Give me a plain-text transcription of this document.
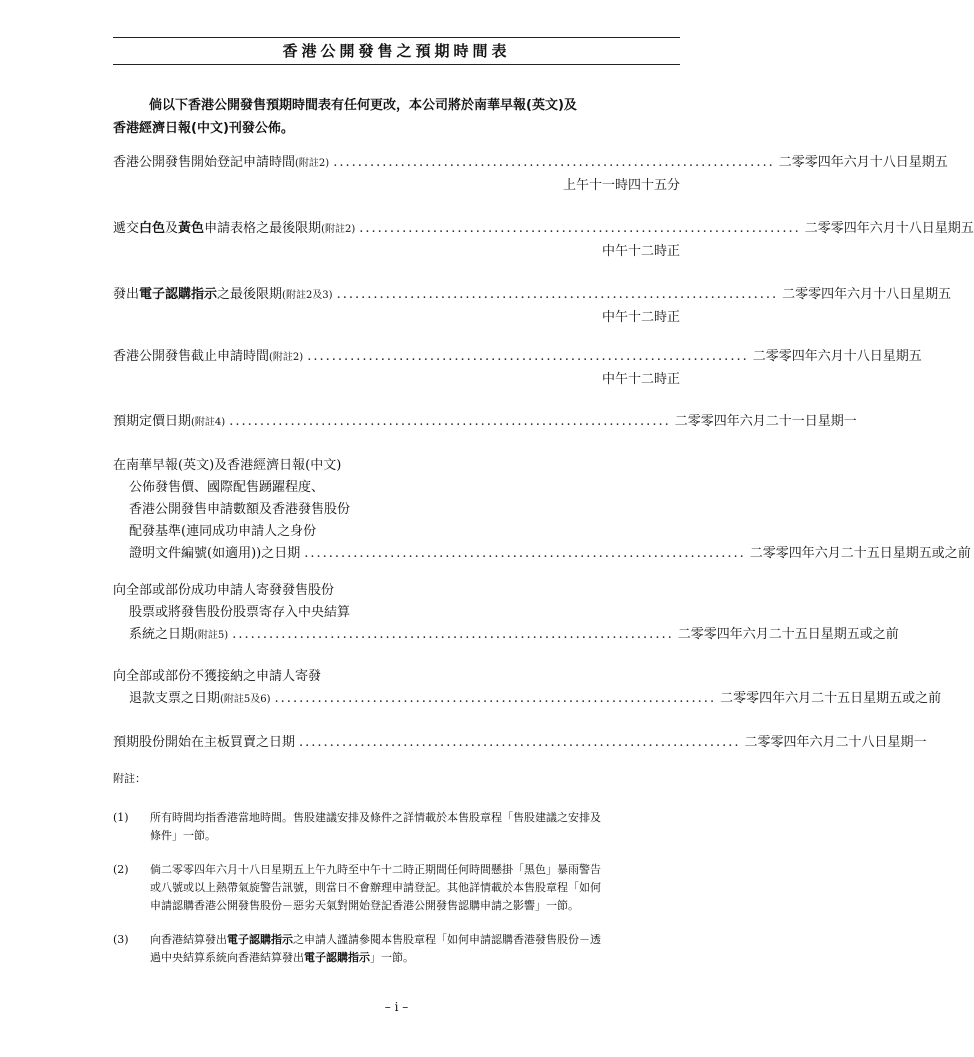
香港公開發售之預期時間表
倘以下香港公開發售預期時間表有任何更改，本公司將於南華早報(英文)及
香港經濟日報(中文)刊發公佈。
香港公開發售開始登記申請時間(附註2) ........................................................................ 二零零四年六月十八日星期五
上午十一時四十五分
遞交白色及黃色申請表格之最後限期(附註2) ........................................................................ 二零零四年六月十八日星期五
中午十二時正
發出電子認購指示之最後限期(附註2及3) ........................................................................ 二零零四年六月十八日星期五
中午十二時正
香港公開發售截止申請時間(附註2) ........................................................................ 二零零四年六月十八日星期五
中午十二時正
預期定價日期(附註4) ........................................................................ 二零零四年六月二十一日星期一
在南華早報(英文)及香港經濟日報(中文)
公佈發售價、國際配售踴躍程度、
香港公開發售申請數額及香港發售股份
配發基準(連同成功申請人之身份
證明文件編號(如適用))之日期 ........................................................................ 二零零四年六月二十五日星期五或之前
向全部或部份成功申請人寄發發售股份
股票或將發售股份股票寄存入中央結算
系統之日期(附註5) ........................................................................ 二零零四年六月二十五日星期五或之前
向全部或部份不獲接納之申請人寄發
退款支票之日期(附註5及6) ........................................................................ 二零零四年六月二十五日星期五或之前
預期股份開始在主板買賣之日期 ........................................................................ 二零零四年六月二十八日星期一
附註：
(1)	所有時間均指香港當地時間。售股建議安排及條件之詳情載於本售股章程「售股建議之安排及
條件」一節。
(2)	倘二零零四年六月十八日星期五上午九時至中午十二時正期間任何時間懸掛「黑色」暴雨警告
或八號或以上熱帶氣旋警告訊號，則當日不會辦理申請登記。其他詳情載於本售股章程「如何
申請認購香港公開發售股份－惡劣天氣對開始登記香港公開發售認購申請之影響」一節。
(3)	向香港結算發出電子認購指示之申請人謹請參閱本售股章程「如何申請認購香港發售股份－透
過中央結算系統向香港結算發出電子認購指示」一節。
– i –
